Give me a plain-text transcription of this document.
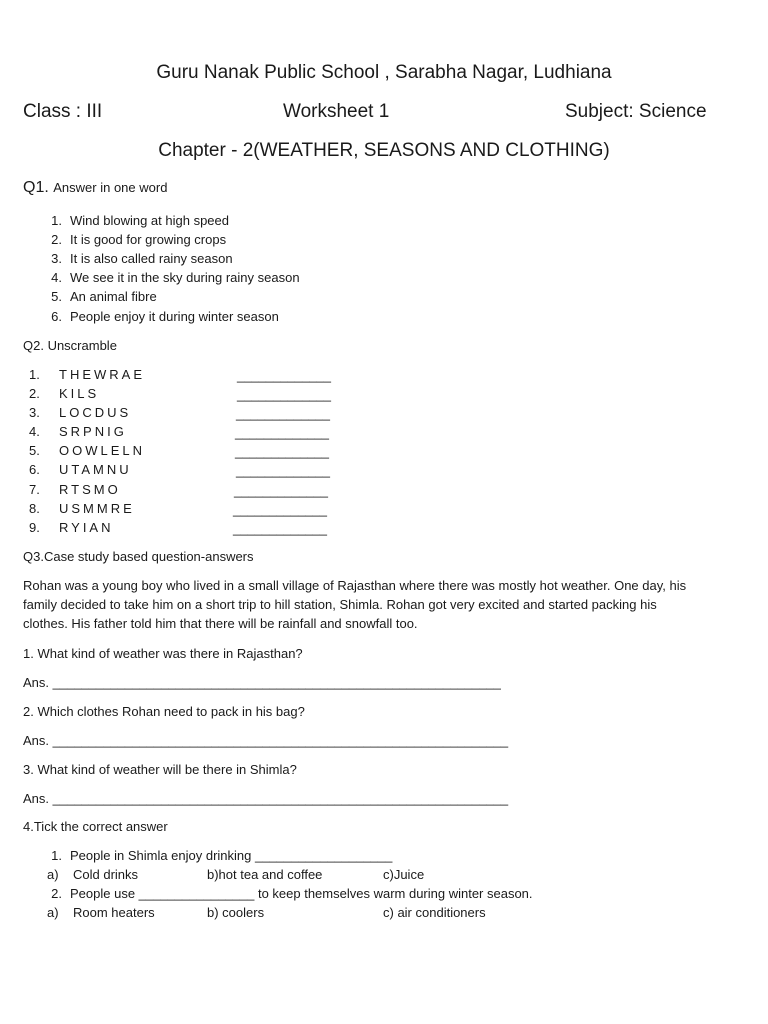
Guru Nanak Public School , Sarabha Nagar, Ludhiana
Class : III	Worksheet 1	Subject: Science
Chapter - 2(WEATHER, SEASONS AND CLOTHING)
Q1. Answer in one word
1. Wind blowing at high speed
2. It is good for growing crops
3. It is also called rainy season
4. We see it in the sky during rainy season
5. An animal fibre
6. People enjoy it during winter season
Q2. Unscramble
1. THEWRAE	_____________
2. KILS	_____________
3. LOCDUS	_____________
4. SRPNIG	_____________
5. OOWLELN	_____________
6. UTAMNU	_____________
7. RTSMO	_____________
8. USMMRE	_____________
9. RYIAN	_____________
Q3.Case study based question-answers
Rohan was a young boy who lived in a small village of Rajasthan where there was mostly hot weather. One day, his
family decided to take him on a short trip to hill station, Shimla. Rohan got very excited and started packing his
clothes. His father told him that there will be rainfall and snowfall too.
1. What kind of weather was there in Rajasthan?
Ans. ______________________________________________________________
2. Which clothes Rohan need to pack in his bag?
Ans. _______________________________________________________________
3. What kind of weather will be there in Shimla?
Ans. _______________________________________________________________
4.Tick the correct answer
1. People in Shimla enjoy drinking ___________________
a) Cold drinks	b)hot tea and coffee	c)Juice
2. People use ________________ to keep themselves warm during winter season.
a) Room heaters	b) coolers	c) air conditioners
